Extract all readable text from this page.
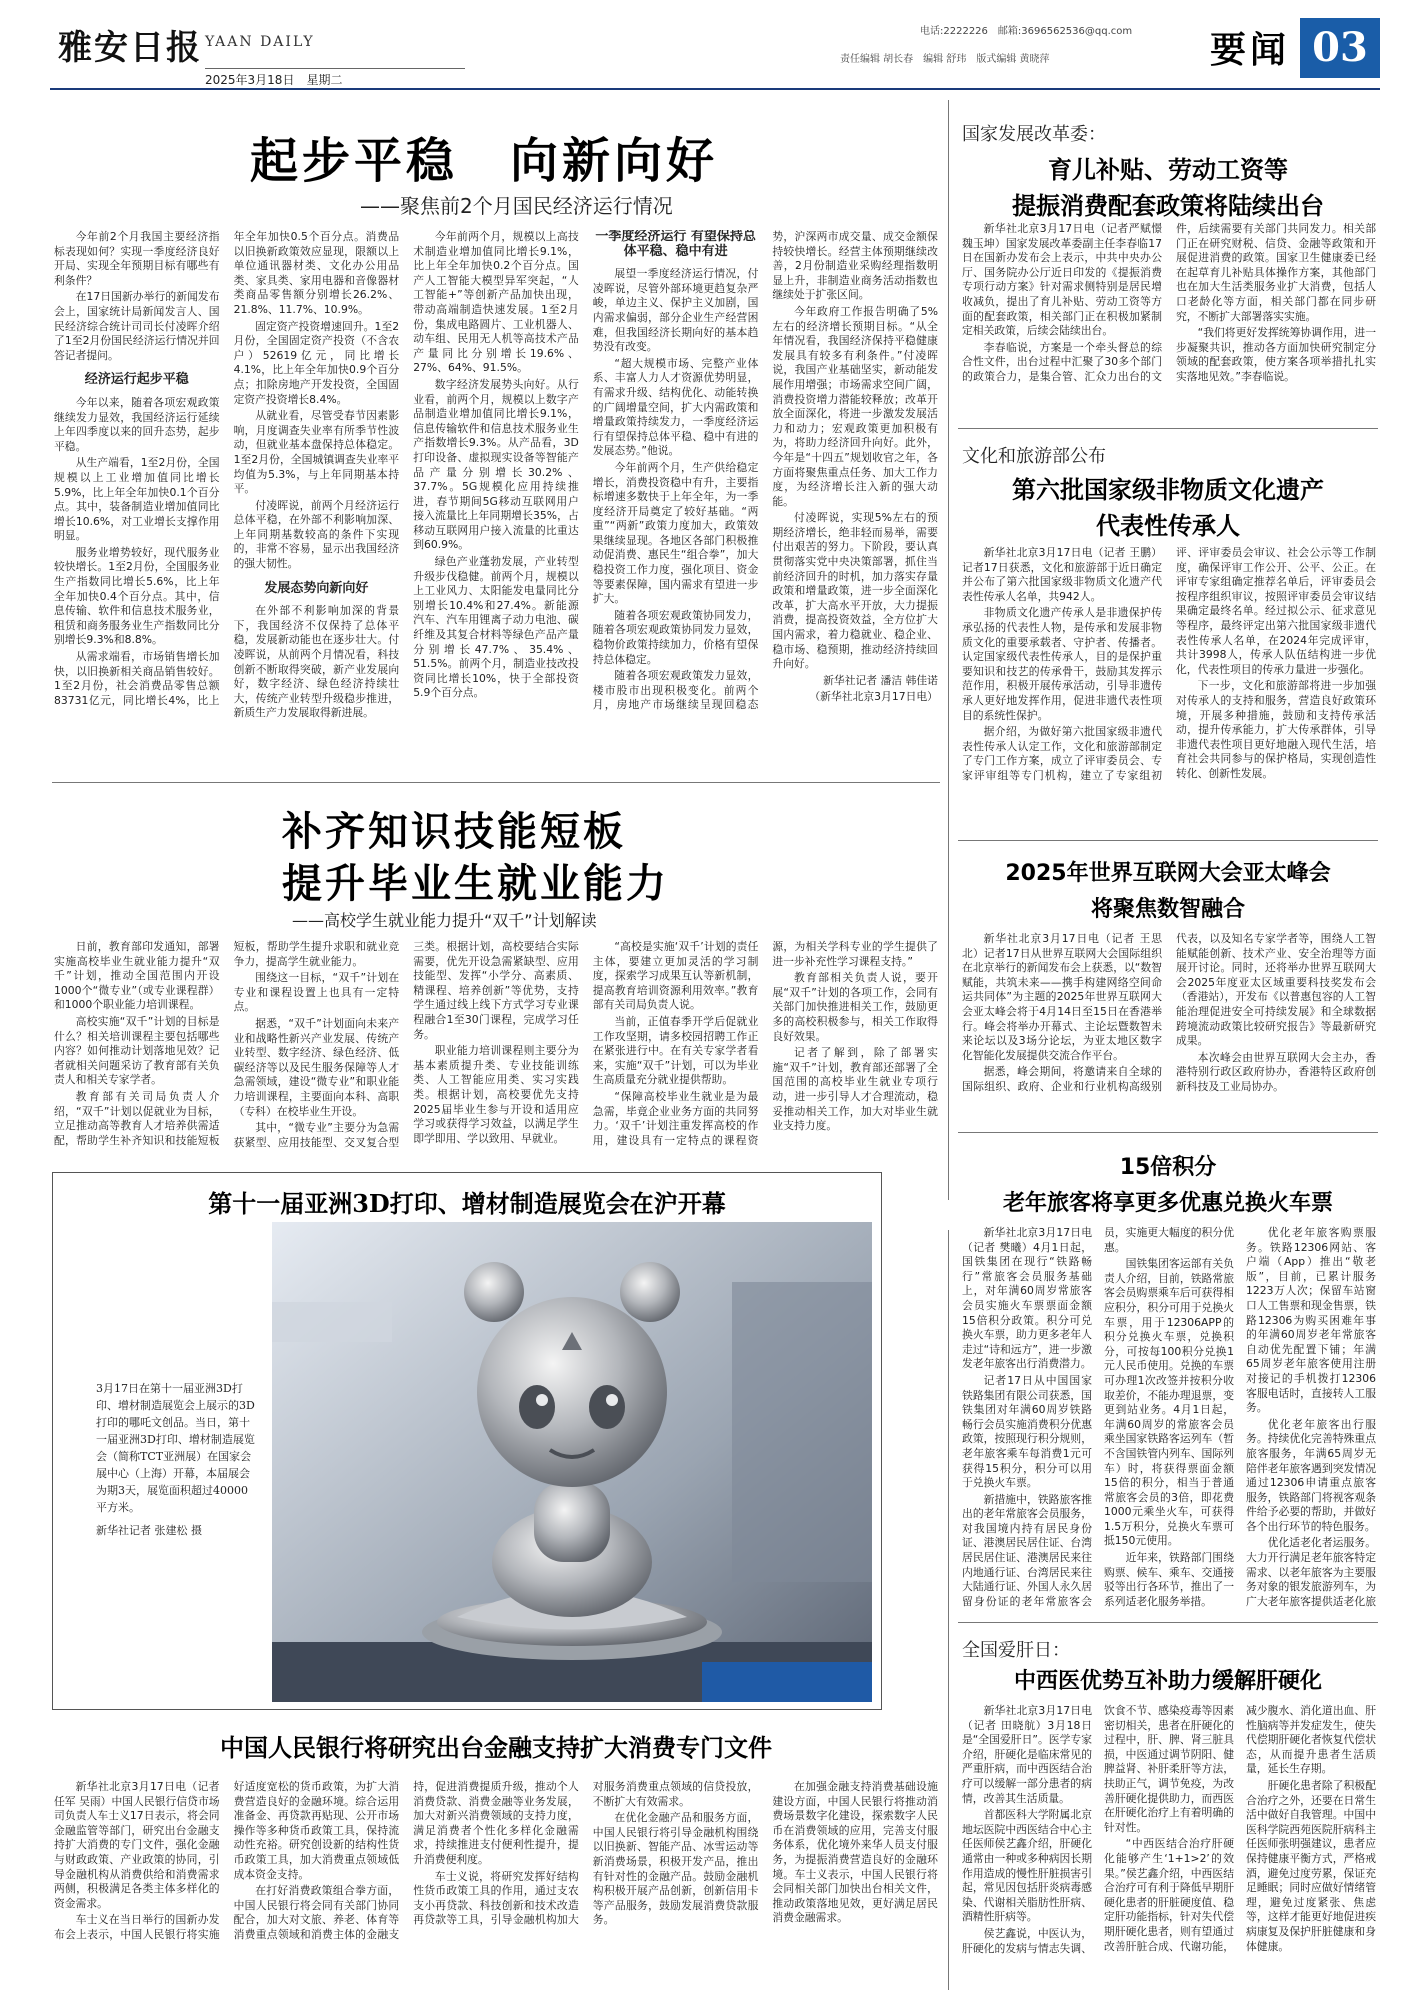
雅安日报 YAAN DAILY
2025年3月18日　星期二
电话:2222226　邮箱:3696562536@qq.com
责任编辑 胡长春　编辑 舒玮　版式编辑 黄晓萍	要闻 03
起步平稳　向新向好
——聚焦前2个月国民经济运行情况

今年前2个月我国主要经济指标表现如何？实现一季度经济良好开局、实现全年预期目标有哪些有利条件？

在17日国新办举行的新闻发布会上，国家统计局新闻发言人、国民经济综合统计司司长付凌晖介绍了1至2月份国民经济运行情况并回答记者提问。

经济运行起步平稳

今年以来，随着各项宏观政策继续发力显效，我国经济运行延续上年四季度以来的回升态势，起步平稳。

从生产端看，1至2月份，全国规模以上工业增加值同比增长5.9%，比上年全年加快0.1个百分点。其中，装备制造业增加值同比增长10.6%，对工业增长支撑作用明显。

服务业增势较好，现代服务业较快增长。1至2月份，全国服务业生产指数同比增长5.6%，比上年全年加快0.4个百分点。其中，信息传输、软件和信息技术服务业，租赁和商务服务业生产指数同比分别增长9.3%和8.8%。

从需求端看，市场销售增长加快，以旧换新相关商品销售较好。1至2月份，社会消费品零售总额83731亿元，同比增长4%，比上年全年加快0.5个百分点。消费品以旧换新政策效应显现，限额以上单位通讯器材类、文化办公用品类、家具类、家用电器和音像器材类商品零售额分别增长26.2%、21.8%、11.7%、10.9%。

固定资产投资增速回升。1至2月份，全国固定资产投资（不含农户）52619亿元，同比增长4.1%，比上年全年加快0.9个百分点；扣除房地产开发投资，全国固定资产投资增长8.4%。

从就业看，尽管受春节因素影响，月度调查失业率有所季节性波动，但就业基本盘保持总体稳定。1至2月份，全国城镇调查失业率平均值为5.3%，与上年同期基本持平。

付凌晖说，前两个月经济运行总体平稳，在外部不利影响加深、上年同期基数较高的条件下实现的，非常不容易，显示出我国经济的强大韧性。

发展态势向新向好

在外部不利影响加深的背景下，我国经济不仅保持了总体平稳，发展新动能也在逐步壮大。付凌晖说，从前两个月情况看，科技创新不断取得突破，新产业发展向好，数字经济、绿色经济持续壮大，传统产业转型升级稳步推进，新质生产力发展取得新进展。

今年前两个月，规模以上高技术制造业增加值同比增长9.1%，比上年全年加快0.2个百分点。国产人工智能大模型异军突起，“人工智能+”等创新产品加快出现，带动高端制造快速发展。1至2月份，集成电路圆片、工业机器人、动车组、民用无人机等高技术产品产量同比分别增长19.6%、27%、64%、91.5%。

数字经济发展势头向好。从行业看，前两个月，规模以上数字产品制造业增加值同比增长9.1%，信息传输软件和信息技术服务业生产指数增长9.3%。从产品看，3D打印设备、虚拟现实设备等智能产品产量分别增长30.2%、37.7%。5G规模化应用持续推进，春节期间5G移动互联网用户接入流量比上年同期增长35%，占移动互联网用户接入流量的比重达到60.9%。

绿色产业蓬勃发展，产业转型升级步伐稳健。前两个月，规模以上工业风力、太阳能发电量同比分别增长10.4%和27.4%。新能源汽车、汽车用锂离子动力电池、碳纤维及其复合材料等绿色产品产量分别增长47.7%、35.4%、51.5%。前两个月，制造业技改投资同比增长10%，快于全部投资5.9个百分点。

一季度经济运行 有望保持总体平稳、稳中有进

展望一季度经济运行情况，付凌晖说，尽管外部环境更趋复杂严峻，单边主义、保护主义加剧，国内需求偏弱，部分企业生产经营困难，但我国经济长期向好的基本趋势没有改变。

“超大规模市场、完整产业体系、丰富人力人才资源优势明显，有需求升级、结构优化、动能转换的广阔增量空间，扩大内需政策和增量政策持续发力，一季度经济运行有望保持总体平稳、稳中有进的发展态势。”他说。

今年前两个月，生产供给稳定增长，消费投资稳中有升，主要指标增速多数快于上年全年，为一季度经济开局奠定了较好基础。“两重”“两新”政策力度加大，政策效果继续显现。各地区各部门积极推动促消费、惠民生“组合拳”，加大稳投资工作力度，强化项目、资金等要素保障，国内需求有望进一步扩大。

随着各项宏观政策协同发力，随着各项宏观政策协同发力显效，稳物价政策持续加力，价格有望保持总体稳定。

随着各项宏观政策发力显效，楼市股市出现积极变化。前两个月，房地产市场继续呈现回稳态势，沪深两市成交量、成交金额保持较快增长。经营主体预期继续改善，2月份制造业采购经理指数明显上升，非制造业商务活动指数也继续处于扩张区间。

今年政府工作报告明确了5%左右的经济增长预期目标。“从全年情况看，我国经济保持平稳健康发展具有较多有利条件。”付凌晖说，我国产业基础坚实，新动能发展作用增强；市场需求空间广阔，消费投资增力潜能较释放；改革开放全面深化，将进一步激发发展活力和动力；宏观政策更加积极有为，将助力经济回升向好。此外，今年是“十四五”规划收官之年，各方面将聚焦重点任务、加大工作力度，为经济增长注入新的强大动能。

付凌晖说，实现5%左右的预期经济增长，绝非轻而易举，需要付出艰苦的努力。下阶段，要认真贯彻落实党中央决策部署，抓住当前经济回升的时机，加力落实存量政策和增量政策，进一步全面深化改革，扩大高水平开放，大力提振消费，提高投资效益，全方位扩大国内需求，着力稳就业、稳企业、稳市场、稳预期，推动经济持续回升向好。

新华社记者 潘洁 韩佳诺

（新华社北京3月17日电）

国家发展改革委：
育儿补贴、劳动工资等
提振消费配套政策将陆续出台

新华社北京3月17日电（记者严赋憬 魏玉坤）国家发展改革委副主任李春临17日在国新办发布会上表示，中共中央办公厅、国务院办公厅近日印发的《提振消费专项行动方案》针对需求侧特别是居民增收减负，提出了育儿补贴、劳动工资等方面的配套政策，相关部门正在积极加紧制定相关政策，后续会陆续出台。

李春临说，方案是一个牵头督总的综合性文件，出台过程中汇聚了30多个部门的政策合力，是集合管、汇众力出台的文件，后续需要有关部门共同发力。相关部门正在研究财税、信贷、金融等政策和开展促进消费的政策。国家卫生健康委已经在起草育儿补贴具体操作方案，其他部门也在加大生活类服务业扩大消费，包括人口老龄化等方面，相关部门都在同步研究，不断扩大部署落实实施。

“我们将更好发挥统筹协调作用，进一步凝聚共识，推动各方面加快研究制定分领域的配套政策，使方案各项举措扎扎实实落地见效。”李春临说。

文化和旅游部公布
第六批国家级非物质文化遗产
代表性传承人

新华社北京3月17日电（记者 王鹏）记者17日获悉，文化和旅游部于近日确定并公布了第六批国家级非物质文化遗产代表性传承人名单，共942人。

非物质文化遗产传承人是非遗保护传承弘扬的代表性人物，是传承和发展非物质文化的重要承载者、守护者、传播者。认定国家级代表性传承人，目的是保护重要知识和技艺的传承骨干，鼓励其发挥示范作用，积极开展传承活动，引导非遗传承人更好地发挥作用，促进非遗代表性项目的系统性保护。

据介绍，为做好第六批国家级非遗代表性传承人认定工作，文化和旅游部制定了专门工作方案，成立了评审委员会、专家评审组等专门机构，建立了专家组初评、评审委员会审议、社会公示等工作制度，确保评审工作公开、公平、公正。在评审专家组确定推荐名单后，评审委员会按程序组织审议，按照评审委员会审议结果确定最终名单。经过拟公示、征求意见等程序，最终评定出第六批国家级非遗代表性传承人名单，在2024年完成评审，共计3998人，传承人队伍结构进一步优化，代表性项目的传承力量进一步强化。

下一步，文化和旅游部将进一步加强对传承人的支持和服务，营造良好政策环境，开展多种措施，鼓励和支持传承活动，提升传承能力，扩大传承群体，引导非遗代表性项目更好地融入现代生活，培育社会共同参与的保护格局，实现创造性转化、创新性发展。

2025年世界互联网大会亚太峰会
将聚焦数智融合

新华社北京3月17日电（记者 王思北）记者17日从世界互联网大会国际组织在北京举行的新闻发布会上获悉，以“数智赋能，共筑未来——携手构建网络空间命运共同体”为主题的2025年世界互联网大会亚太峰会将于4月14日至15日在香港举行。峰会将举办开幕式、主论坛暨数智未来论坛以及3场分论坛，为亚太地区数字化智能化发展提供交流合作平台。

据悉，峰会期间，将邀请来自全球的国际组织、政府、企业和行业机构高级别代表，以及知名专家学者等，围绕人工智能赋能创新、技术产业、安全治理等方面展开讨论。同时，还将举办世界互联网大会2025年度亚太区域重要科技奖发布会（香港站），开发布《以普惠包容的人工智能治理促进安全可持续发展》和全球数据跨境流动政策比较研究报告》等最新研究成果。

本次峰会由世界互联网大会主办，香港特别行政区政府协办，香港特区政府创新科技及工业局协办。

补齐知识技能短板
提升毕业生就业能力
——高校学生就业能力提升“双千”计划解读

日前，教育部印发通知，部署实施高校毕业生就业能力提升“双千”计划，推动全国范围内开设1000个“微专业”（或专业课程群）和1000个职业能力培训课程。

高校实施“双千”计划的目标是什么？相关培训课程主要包括哪些内容？如何推动计划落地见效？记者就相关问题采访了教育部有关负责人和相关专家学者。

教育部有关司局负责人介绍，“双千”计划以促就业为目标，立足推动高等教育人才培养供需适配，帮助学生补齐知识和技能短板短板，帮助学生提升求职和就业竞争力，提高学生就业能力。

围绕这一目标，“双千”计划在专业和课程设置上也具有一定特点。

据悉，“双千”计划面向未来产业和战略性新兴产业发展、传统产业转型、数字经济、绿色经济、低碳经济等以及民生服务保障等人才急需领域，建设“微专业”和职业能力培训课程，主要面向本科、高职（专科）在校毕业生开设。

其中，“微专业”主要分为急需获紧型、应用技能型、交叉复合型三类。根据计划，高校要结合实际需要，优先开设急需紧缺型、应用技能型、发挥“小学分、高素质、精课程、培养创新”等优势，支持学生通过线上线下方式学习专业课程融合1至30门课程，完成学习任务。

职业能力培训课程则主要分为基本素质提升类、专业技能训练类、人工智能应用类、实习实践类。根据计划，高校要优先支持2025届毕业生参与开设和适用应学习或获得学习效益，以满足学生即学即用、学以致用、早就业。

“高校是实施‘双千’计划的责任主体，要建立更加灵活的学习制度，探索学习成果互认等新机制，提高教育培训资源利用效率。”教育部有关司局负责人说。

当前，正值春季开学后促就业工作攻坚期，请多校园招聘工作正在紧张进行中。在有关专家学者看来，实施“双千”计划，可以为毕业生高质量充分就业提供帮助。

“保障高校毕业生就业是为最急需，毕竟企业业务方面的共同努力。‘双千’计划注重发挥高校的作用，建设具有一定特点的课程资源，为相关学科专业的学生提供了进一步补充性学习课程支持。”

教育部相关负责人说，要开展“双千”计划的各项工作，会同有关部门加快推进相关工作，鼓励更多的高校积极参与，相关工作取得良好效果。

记者了解到，除了部署实施“双千”计划，教育部还部署了全国范围的高校毕业生就业专项行动，进一步引导人才合理流动，稳妥推动相关工作，加大对毕业生就业支持力度。

15倍积分
老年旅客将享更多优惠兑换火车票

新华社北京3月17日电（记者 樊曦）4月1日起，国铁集团在现行“铁路畅行”常旅客会员服务基础上，对年满60周岁常旅客会员实施火车票票面金额15倍积分政策。积分可兑换火车票，助力更多老年人走过“诗和远方”，进一步激发老年旅客出行消费潜力。

记者17日从中国国家铁路集团有限公司获悉，国铁集团对年满60周岁铁路畅行会员实施消费积分优惠政策，按照现行积分规则，老年旅客乘车每消费1元可获得15积分，积分可以用于兑换火车票。

新措施中，铁路旅客推出的老年常旅客会员服务，对我国境内持有居民身份证、港澳居民居住证、台湾居民居住证、港澳居民来往内地通行证、台湾居民来往大陆通行证、外国人永久居留身份证的老年常旅客会员，实施更大幅度的积分优惠。

国铁集团客运部有关负责人介绍，目前，铁路常旅客会员购票乘车后可获得相应积分，积分可用于兑换火车票，用于12306APP的积分兑换火车票，兑换积分，可按每100积分兑换1元人民币使用。兑换的车票可办理1次改签并按积分收取差价，不能办理退票，变更到站业务。4月1日起，年满60周岁的常旅客会员乘坐国家铁路客运列车（暂不含国铁管内列车、国际列车）时，将获得票面金额15倍的积分，相当于普通常旅客会员的3倍，即花费1000元乘坐火车，可获得1.5万积分，兑换火车票可抵150元使用。

近年来，铁路部门围绕购票、候车、乘车、交通接驳等出行各环节，推出了一系列适老化服务举措。

优化老年旅客购票服务。铁路12306网站、客户端（App）推出“敬老版”，目前，已累计服务1223万人次；保留车站窗口人工售票和现金售票，铁路12306为购买困难年事的年满60周岁老年常旅客自动优先配置下铺；年满65周岁老年旅客使用注册对接记的手机拨打12306客服电话时，直接转人工服务。

优化老年旅客出行服务。持续优化完善特殊重点旅客服务，年满65周岁无陪伴老年旅客遇到突发情况通过12306申请重点旅客服务，铁路部门将视客观条件给予必要的帮助，并做好各个出行环节的特色服务。

优化适老化者运服务。大力开行满足老年旅客特定需求、以老年旅客为主要服务对象的银发旅游列车，为广大老年旅客提供适老化旅

全国爱肝日：
中西医优势互补助力缓解肝硬化

新华社北京3月17日电（记者 田晓航）3月18日是“全国爱肝日”。医学专家介绍，肝硬化是临床常见的严重肝病，而中西医结合治疗可以缓解一部分患者的病情，改善其生活质量。

首都医科大学附属北京地坛医院中西医结合中心主任医师侯艺鑫介绍，肝硬化通常由一种或多种病因长期作用造成的慢性肝脏损害引起，常见因包括肝炎病毒感染、代谢相关脂肪性肝病、酒精性肝病等。

侯艺鑫说，中医认为，肝硬化的发病与情志失调、饮食不节、感染疫毒等因素密切相关，患者在肝硬化的过程中，肝、脾、肾三脏具损，中医通过调节阴阳、健脾益肾、补肝柔肝等方法，扶助正气，调节免疫，为改善肝硬化提供助力，而西医在肝硬化治疗上有着明确的针对性。

“中西医结合治疗肝硬化能够产生‘1+1>2’的效果。”侯艺鑫介绍，中西医结合治疗可有利于降低早期肝硬化患者的肝脏硬度值、稳定肝功能指标，针对失代偿期肝硬化患者，则有望通过改善肝脏合成、代谢功能，减少腹水、消化道出血、肝性脑病等并发症发生，使失代偿期肝硬化者恢复代偿状态，从而提升患者生活质量，延长生存期。

肝硬化患者除了积极配合治疗之外，还要在日常生活中做好自我管理。中国中医科学院西苑医院肝病科主任医师张明强建议，患者应保持健康平衡方式，严格戒酒，避免过度劳累，保证充足睡眠；同时应做好情绪管理，避免过度紧张、焦虑等，这样才能更好地促进疾病康复及保护肝脏健康和身体健康。

第十一届亚洲3D打印、增材制造展览会在沪开幕
3月17日在第十一届亚洲3D打印、增材制造展览会上展示的3D打印的哪吒文创品。当日，第十一届亚洲3D打印、增材制造展览会（简称TCT亚洲展）在国家会展中心（上海）开幕，本届展会为期3天，展览面积超过40000平方米。
新华社记者 张建松 摄
中国人民银行将研究出台金融支持扩大消费专门文件

新华社北京3月17日电（记者 任军 吴雨）中国人民银行信贷市场司负责人车士义17日表示，将会同金融监管等部门，研究出台金融支持扩大消费的专门文件，强化金融与财政政策、产业政策的协同，引导金融机构从消费供给和消费需求两侧，积极满足各类主体多样化的资金需求。

车士义在当日举行的国新办发布会上表示，中国人民银行将实施好适度宽松的货币政策，为扩大消费营造良好的金融环境。综合运用准备金、再贷款再贴现、公开市场操作等多种货币政策工具，保持流动性充裕。研究创设新的结构性货币政策工具，加大消费重点领域低成本资金支持。

在打好消费政策组合拳方面，中国人民银行将会同有关部门协同配合，加大对文旅、养老、体育等消费重点领域和消费主体的金融支持，促进消费提质升级，推动个人消费贷款、消费金融等业务发展，加大对新兴消费领域的支持力度，满足消费者个性化多样化金融需求，持续推进支付便利性提升，提升消费便利度。

车士义说，将研究发挥好结构性货币政策工具的作用，通过支农支小再贷款、科技创新和技术改造再贷款等工具，引导金融机构加大对服务消费重点领域的信贷投放，不断扩大有效需求。

在优化金融产品和服务方面，中国人民银行将引导金融机构围绕以旧换新、智能产品、冰雪运动等新消费场景，积极开发产品，推出有针对性的金融产品。鼓励金融机构积极开展产品创新，创新信用卡等产品服务，鼓励发展消费贷款服务。

在加强金融支持消费基础设施建设方面，中国人民银行将推动消费场景数字化建设，探索数字人民币在消费领域的应用，完善支付服务体系，优化境外来华人员支付服务，为提振消费营造良好的金融环境。车士义表示，中国人民银行将会同相关部门加快出台相关文件，推动政策落地见效，更好满足居民消费金融需求。
